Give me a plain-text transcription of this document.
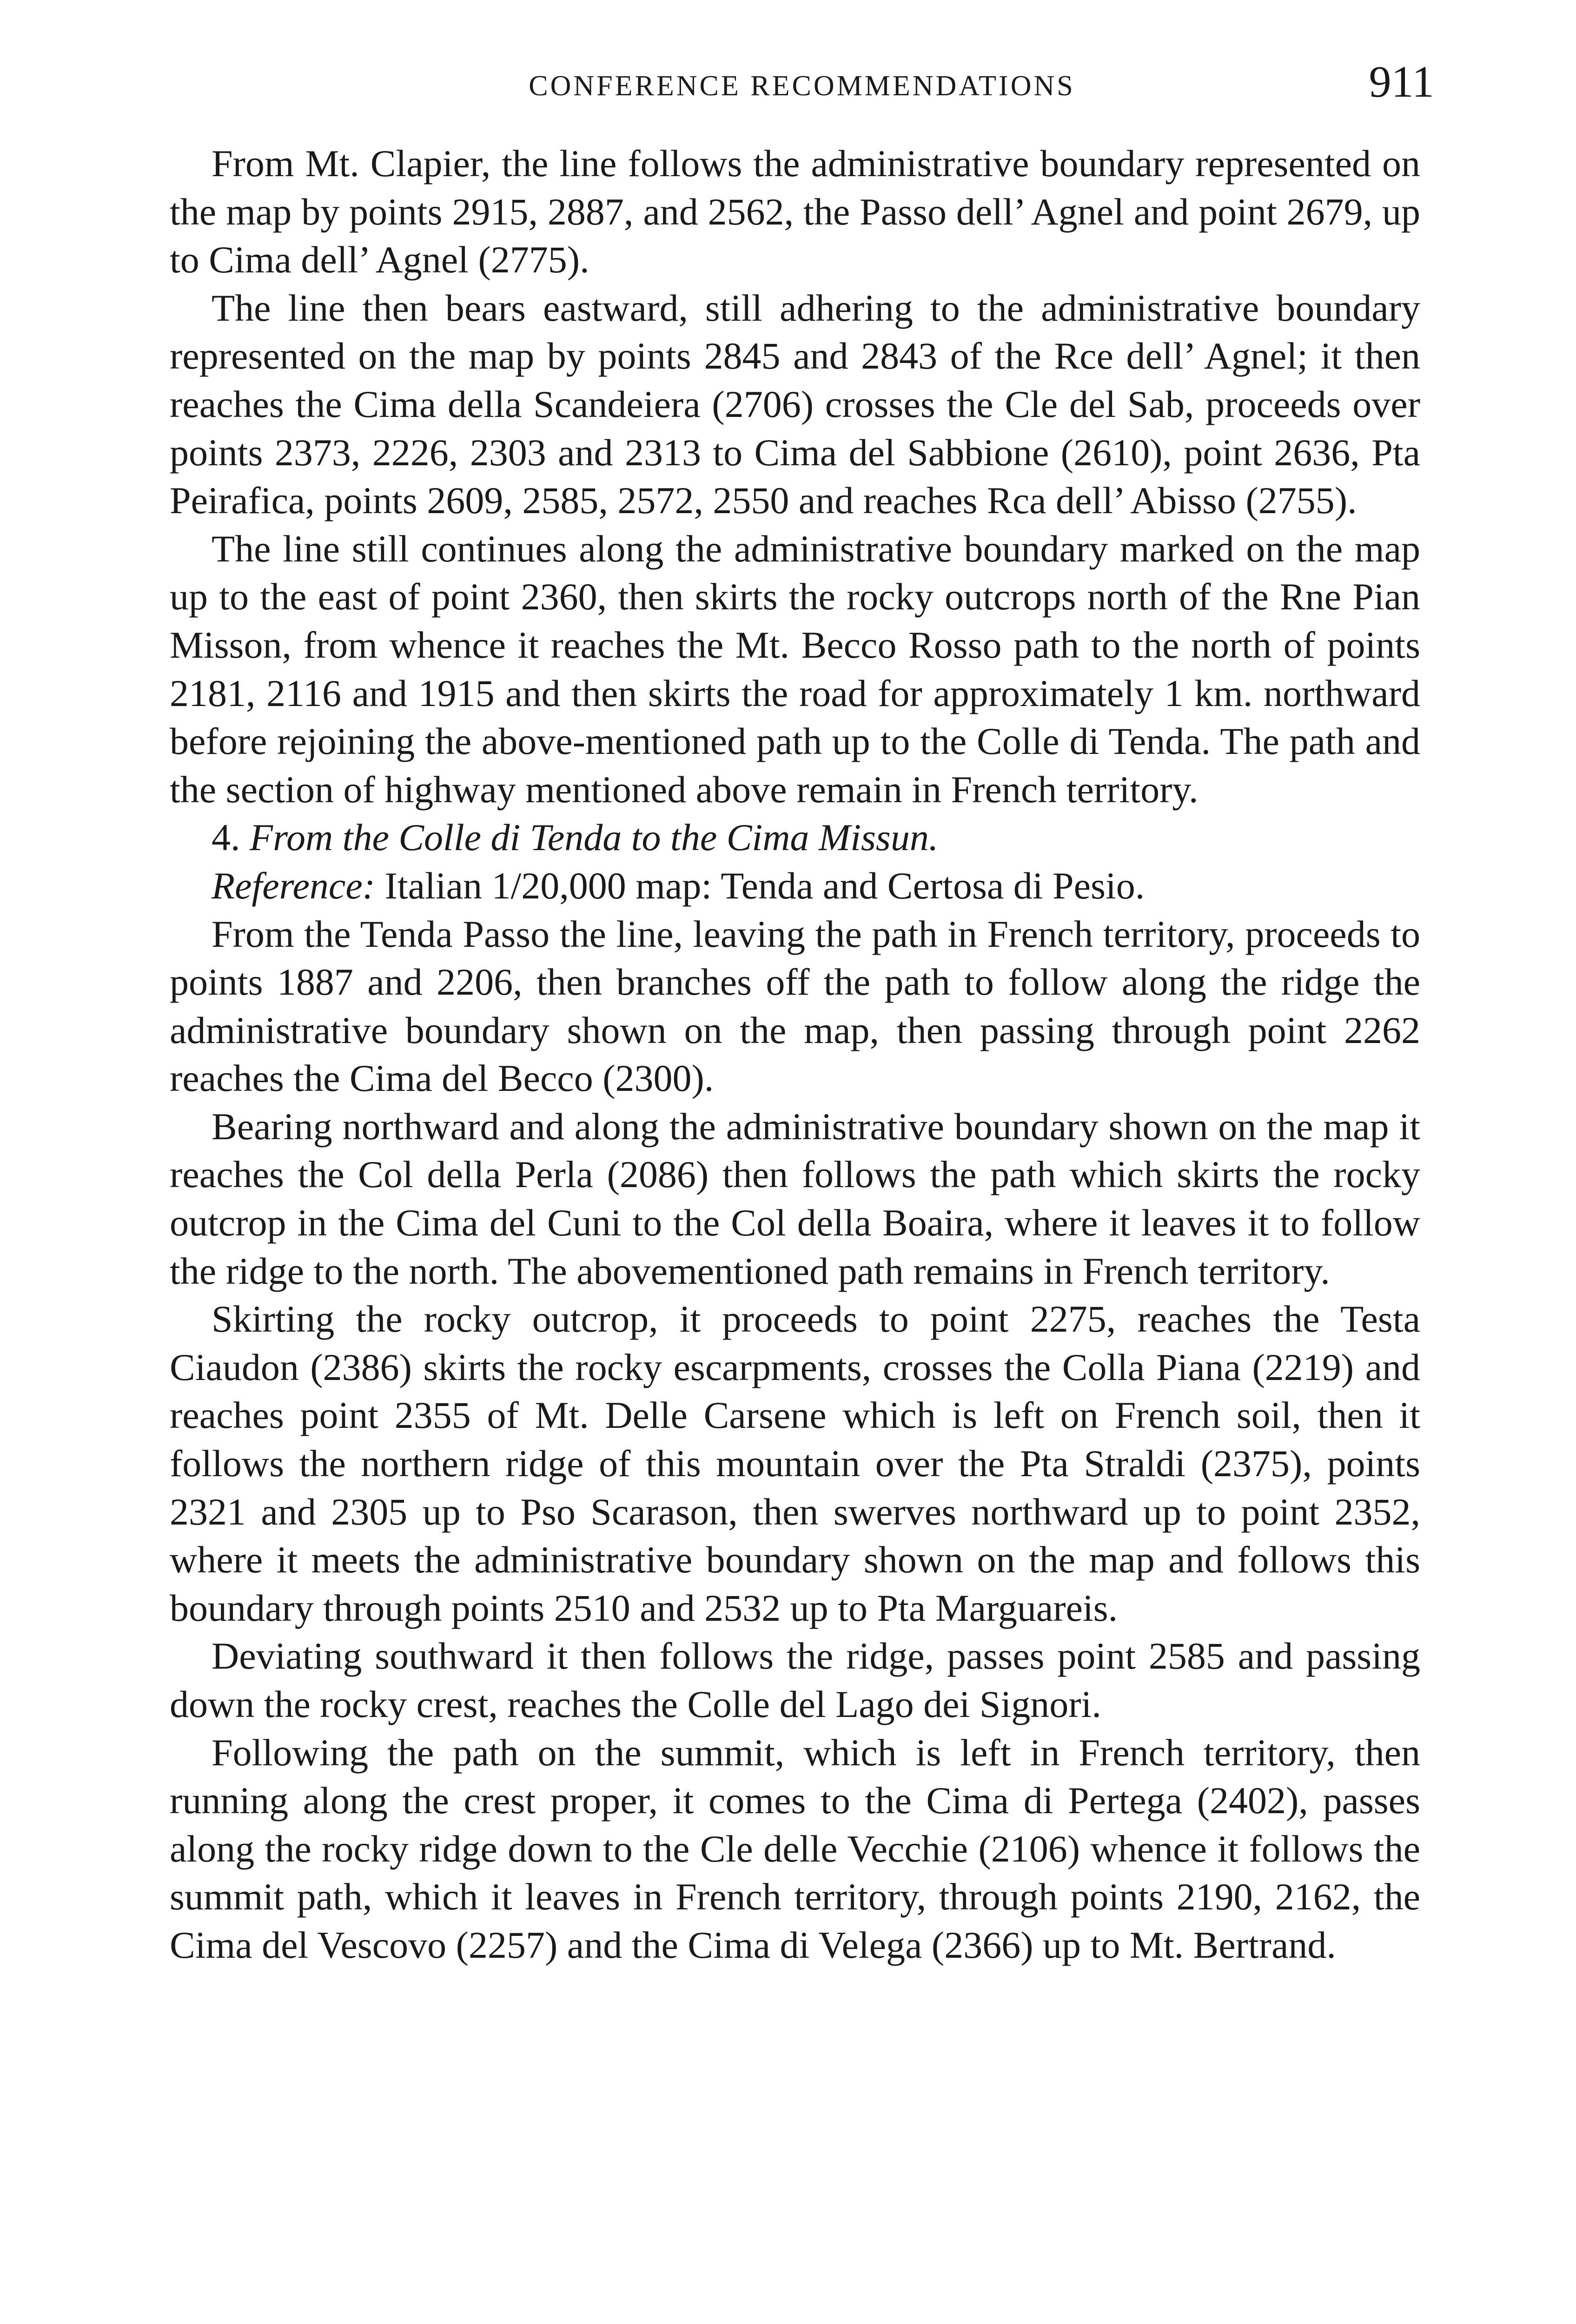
CONFERENCE RECOMMENDATIONS	911

From Mt. Clapier, the line follows the administrative boundary represented on the map by points 2915, 2887, and 2562, the Passo dell’ Agnel and point 2679, up to Cima dell’ Agnel (2775).

The line then bears eastward, still adhering to the administrative boundary represented on the map by points 2845 and 2843 of the Rce dell’ Agnel; it then reaches the Cima della Scandeiera (2706) crosses the Cle del Sab, proceeds over points 2373, 2226, 2303 and 2313 to Cima del Sabbione (2610), point 2636, Pta Peirafica, points 2609, 2585, 2572, 2550 and reaches Rca dell’ Abisso (2755).

The line still continues along the administrative boundary marked on the map up to the east of point 2360, then skirts the rocky outcrops north of the Rne Pian Misson, from whence it reaches the Mt. Becco Rosso path to the north of points 2181, 2116 and 1915 and then skirts the road for approximately 1 km. northward before rejoining the above-mentioned path up to the Colle di Tenda. The path and the section of highway mentioned above remain in French territory.

4. From the Colle di Tenda to the Cima Missun.

Reference: Italian 1/20,000 map: Tenda and Certosa di Pesio.

From the Tenda Passo the line, leaving the path in French territory, proceeds to points 1887 and 2206, then branches off the path to follow along the ridge the administrative boundary shown on the map, then passing through point 2262 reaches the Cima del Becco (2300).

Bearing northward and along the administrative boundary shown on the map it reaches the Col della Perla (2086) then follows the path which skirts the rocky outcrop in the Cima del Cuni to the Col della Boaira, where it leaves it to follow the ridge to the north. The abovementioned path remains in French territory.

Skirting the rocky outcrop, it proceeds to point 2275, reaches the Testa Ciaudon (2386) skirts the rocky escarpments, crosses the Colla Piana (2219) and reaches point 2355 of Mt. Delle Carsene which is left on French soil, then it follows the northern ridge of this mountain over the Pta Straldi (2375), points 2321 and 2305 up to Pso Scarason, then swerves northward up to point 2352, where it meets the administrative boundary shown on the map and follows this boundary through points 2510 and 2532 up to Pta Marguareis.

Deviating southward it then follows the ridge, passes point 2585 and passing down the rocky crest, reaches the Colle del Lago dei Signori.

Following the path on the summit, which is left in French territory, then running along the crest proper, it comes to the Cima di Pertega (2402), passes along the rocky ridge down to the Cle delle Vecchie (2106) whence it follows the summit path, which it leaves in French territory, through points 2190, 2162, the Cima del Vescovo (2257) and the Cima di Velega (2366) up to Mt. Bertrand.
